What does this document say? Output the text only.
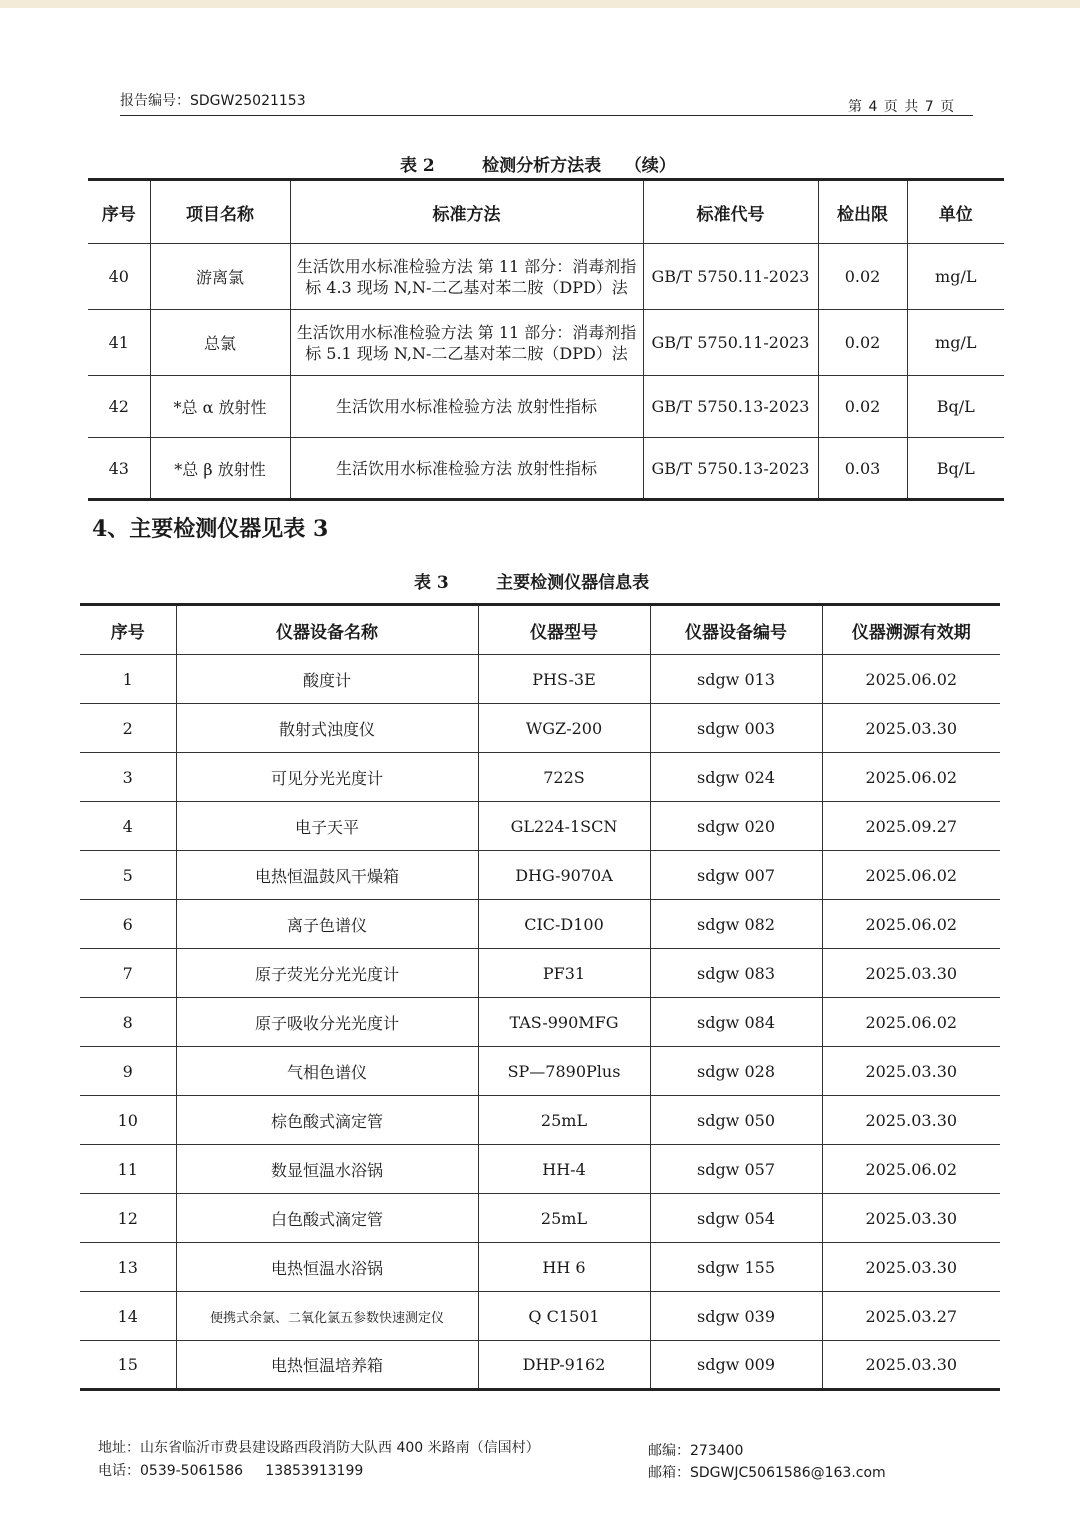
报告编号：SDGW25021153	第 4 页 共 7 页
表 2        检测分析方法表    （续）
序号	项目名称	标准方法	标准代号	检出限	单位
40	游离氯	生活饮用水标准检验方法 第 11 部分：消毒剂指标 4.3 现场 N,N-二乙基对苯二胺（DPD）法	GB/T 5750.11-2023	0.02	mg/L
41	总氯	生活饮用水标准检验方法 第 11 部分：消毒剂指标 5.1 现场 N,N-二乙基对苯二胺（DPD）法	GB/T 5750.11-2023	0.02	mg/L
42	*总 α 放射性	生活饮用水标准检验方法 放射性指标	GB/T 5750.13-2023	0.02	Bq/L
43	*总 β 放射性	生活饮用水标准检验方法 放射性指标	GB/T 5750.13-2023	0.03	Bq/L
4、主要检测仪器见表 3
表 3        主要检测仪器信息表
序号	仪器设备名称	仪器型号	仪器设备编号	仪器溯源有效期
1	酸度计	PHS-3E	sdgw 013	2025.06.02
2	散射式浊度仪	WGZ-200	sdgw 003	2025.03.30
3	可见分光光度计	722S	sdgw 024	2025.06.02
4	电子天平	GL224-1SCN	sdgw 020	2025.09.27
5	电热恒温鼓风干燥箱	DHG-9070A	sdgw 007	2025.06.02
6	离子色谱仪	CIC-D100	sdgw 082	2025.06.02
7	原子荧光分光光度计	PF31	sdgw 083	2025.03.30
8	原子吸收分光光度计	TAS-990MFG	sdgw 084	2025.06.02
9	气相色谱仪	SP—7890Plus	sdgw 028	2025.03.30
10	棕色酸式滴定管	25mL	sdgw 050	2025.03.30
11	数显恒温水浴锅	HH-4	sdgw 057	2025.06.02
12	白色酸式滴定管	25mL	sdgw 054	2025.03.30
13	电热恒温水浴锅	HH 6	sdgw 155	2025.03.30
14	便携式余氯、二氧化氯五参数快速测定仪	Q C1501	sdgw 039	2025.03.27
15	电热恒温培养箱	DHP-9162	sdgw 009	2025.03.30
地址：山东省临沂市费县建设路西段消防大队西 400 米路南（信国村）	邮编：273400
电话：0539-5061586     13853913199	邮箱：SDGWJC5061586@163.com
